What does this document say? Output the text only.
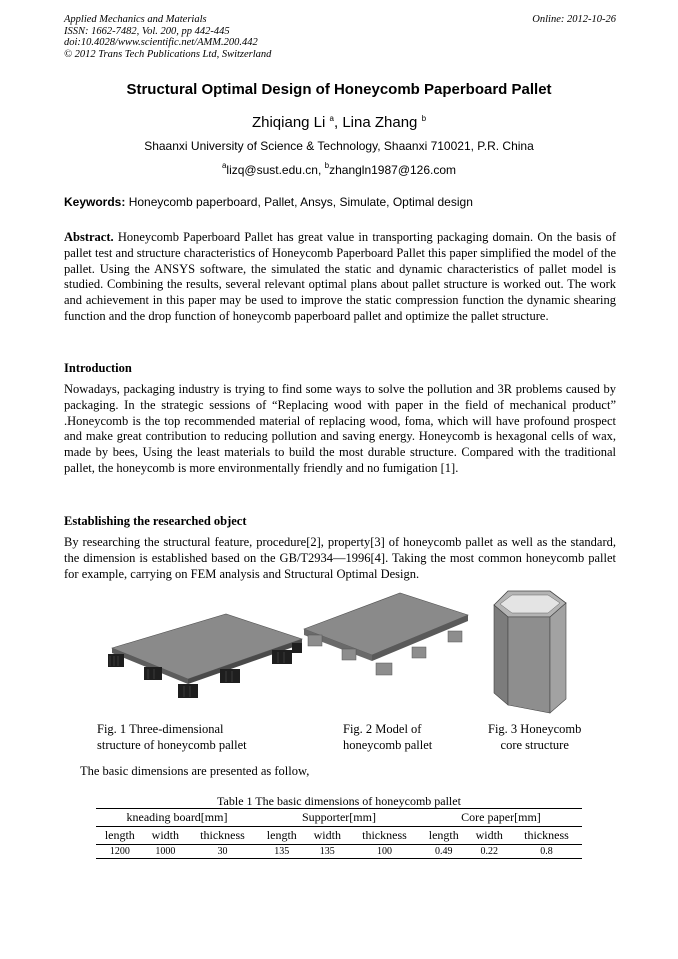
Applied Mechanics and Materials
ISSN: 1662-7482, Vol. 200, pp 442-445
doi:10.4028/www.scientific.net/AMM.200.442
© 2012 Trans Tech Publications Ltd, Switzerland
Online: 2012-10-26
Structural Optimal Design of Honeycomb Paperboard Pallet
Zhiqiang Li $^a$, Lina Zhang $^b$
Shaanxi University of Science & Technology, Shaanxi 710021, P.R. China
$^a$lizq@sust.edu.cn, $^b$zhangln1987@126.com
Keywords: Honeycomb paperboard, Pallet, Ansys, Simulate, Optimal design
Abstract. Honeycomb Paperboard Pallet has great value in transporting packaging domain. On the basis of pallet test and structure characteristics of Honeycomb Paperboard Pallet this paper simplified the model of the pallet. Using the ANSYS software, the simulated the static and dynamic characteristics of pallet model is studied. Combining the results, several relevant optimal plans about pallet structure is worked out. The work and achievement in this paper may be used to improve the static compression function the dynamic shearing function and the drop function of honeycomb paperboard pallet and optimize the pallet structure.
Introduction
Nowadays, packaging industry is trying to find some ways to solve the pollution and 3R problems caused by packaging. In the strategic sessions of “Replacing wood with paper in the field of mechanical product” .Honeycomb is the top recommended material of replacing wood, foma, which will have profound prospect and make great contribution to reducing pollution and saving energy. Honeycomb is hexagonal cells of wax, made by bees, Using the least materials to build the most durable structure. Compared with the traditional pallet, the honeycomb is more environmentally friendly and no fumigation [1].
Establishing the researched object
By researching the structural feature, procedure[2], property[3] of honeycomb pallet as well as the standard, the dimension is established based on the GB/T2934—1996[4]. Taking the most common honeycomb pallet for example, carrying on FEM analysis and Structural Optimal Design.
Fig. 1 Three-dimensional
structure of honeycomb pallet
Fig. 2 Model of
honeycomb pallet
Fig. 3 Honeycomb
core structure
The basic dimensions are presented as follow,
Table 1 The basic dimensions of honeycomb pallet
kneading board[mm]			Supporter[mm]			Core paper[mm]		
length	width	thickness	length	width	thickness	length	width	thickness
1200	1000	30	135	135	100	0.49	0.22	0.8
